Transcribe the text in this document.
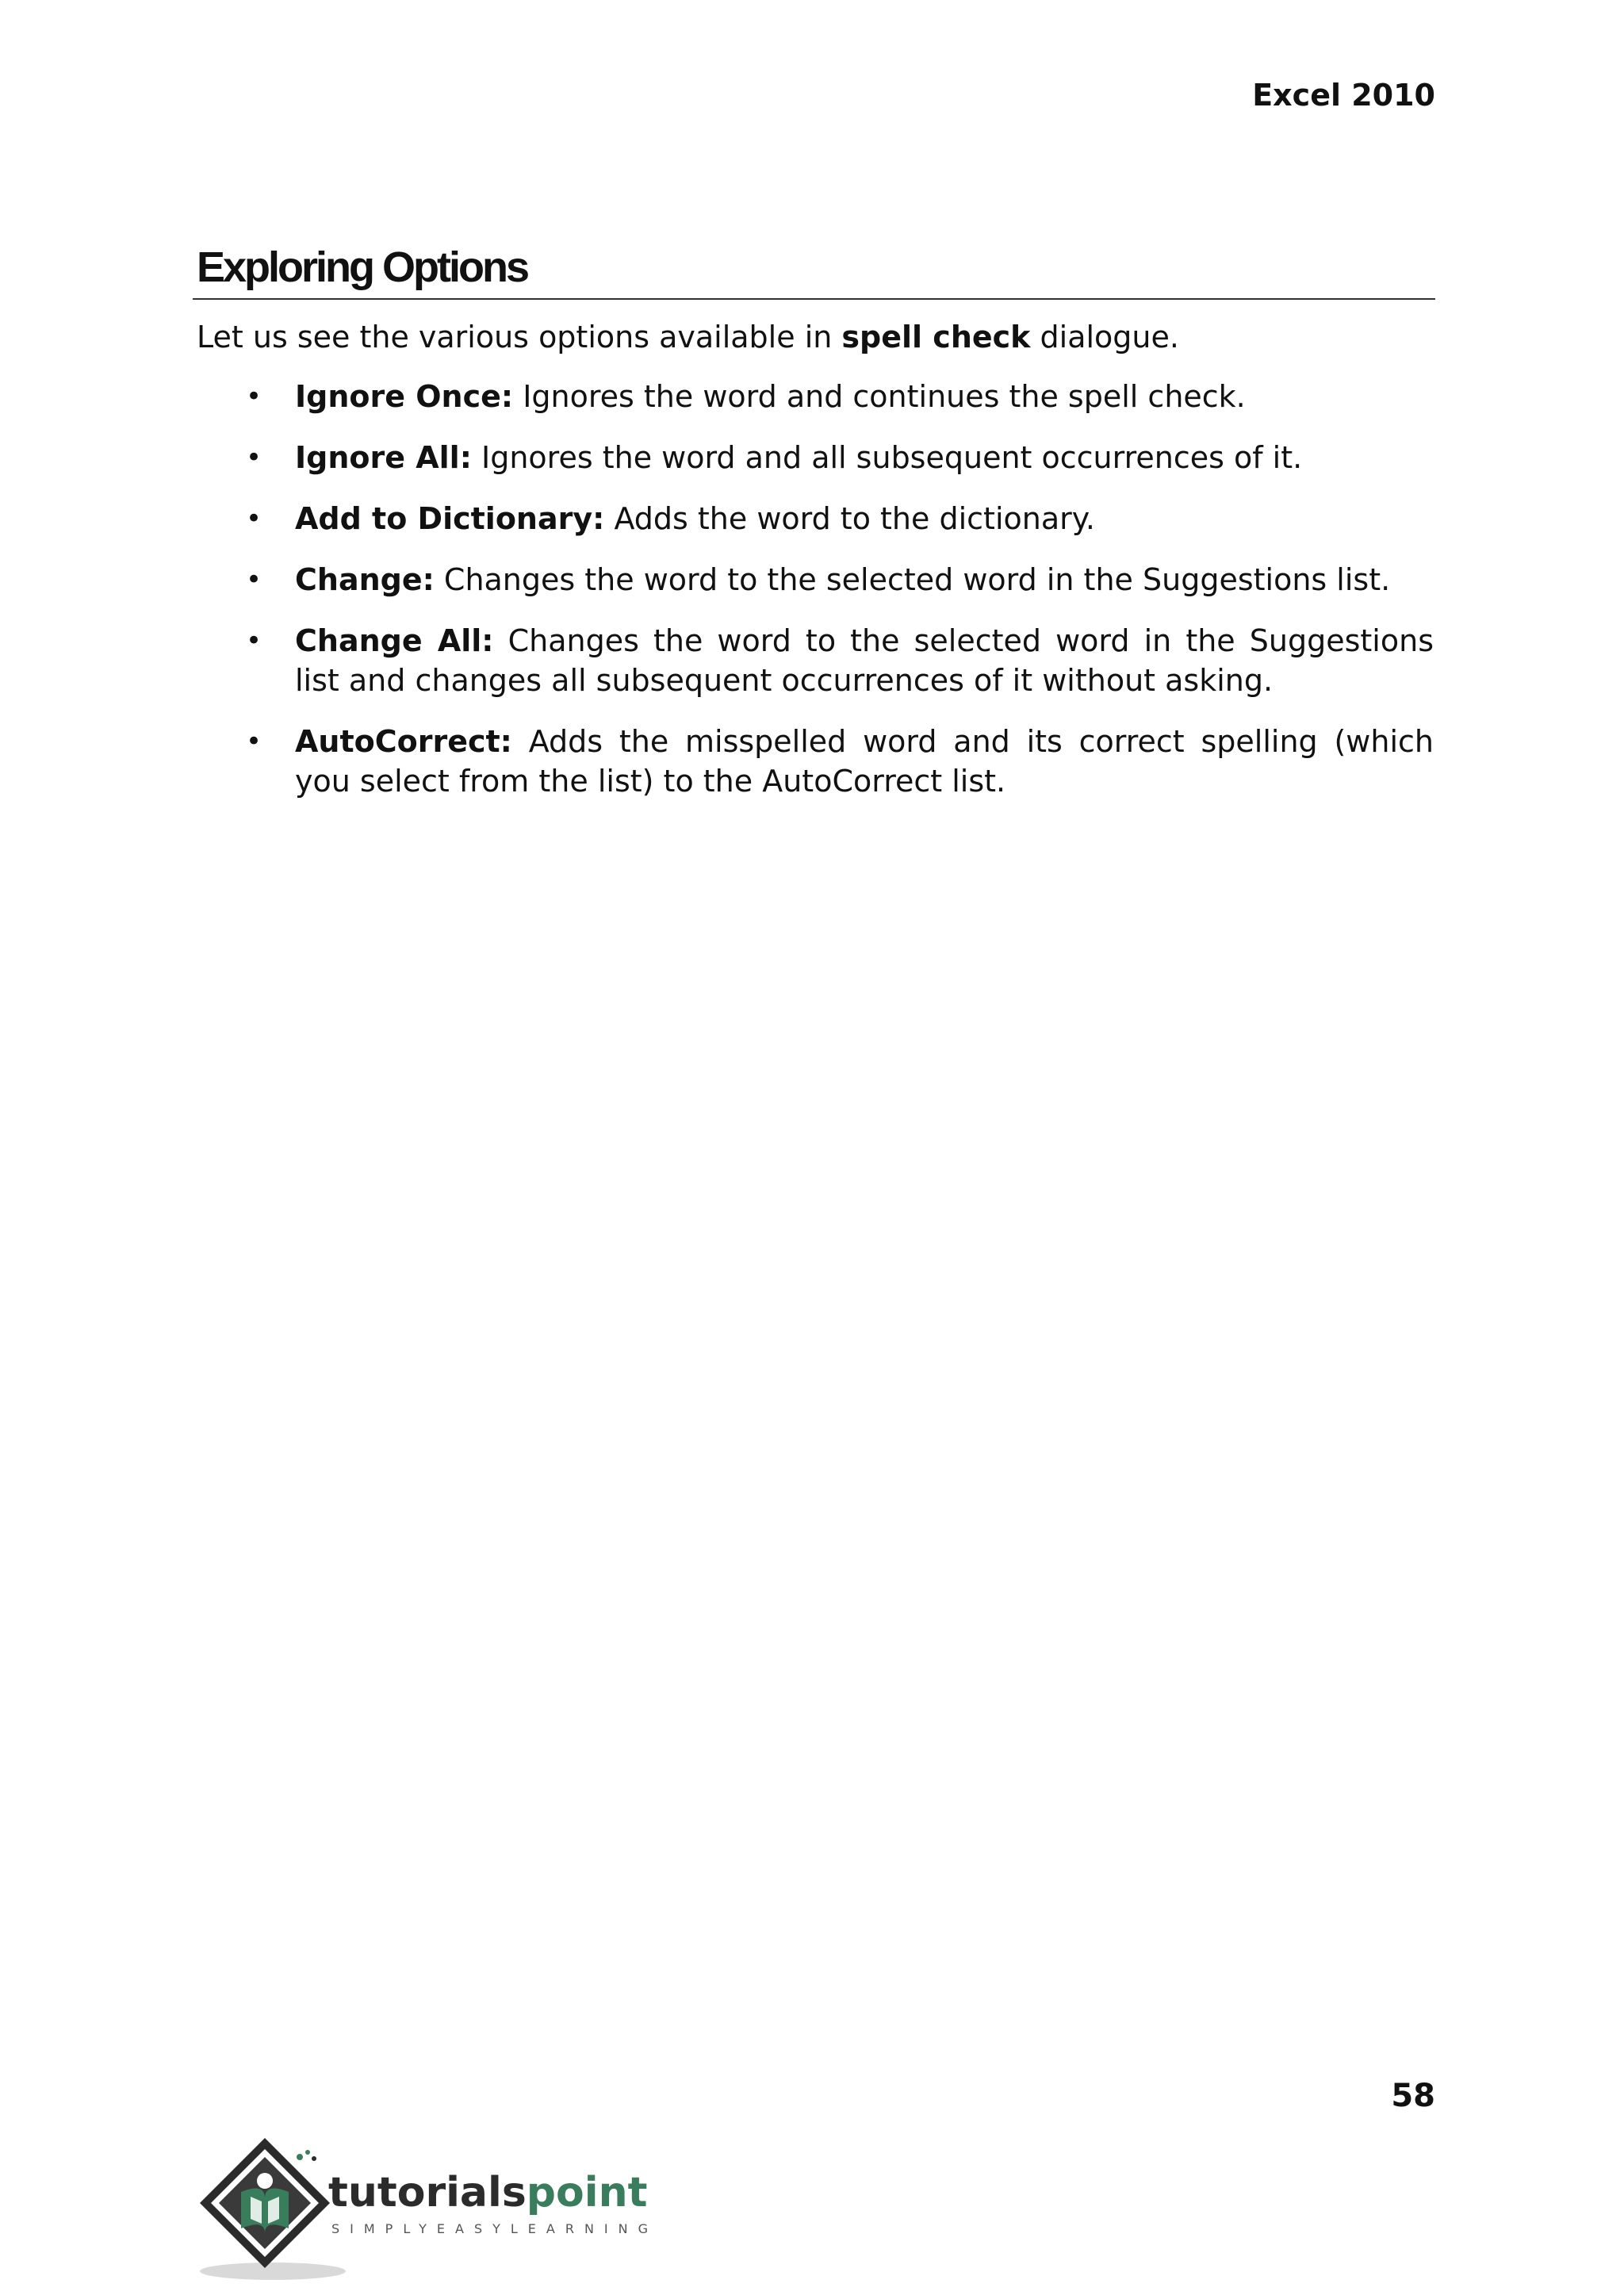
Excel 2010
Exploring Options

Let us see the various options available in spell check dialogue.

• Ignore Once: Ignores the word and continues the spell check.
• Ignore All: Ignores the word and all subsequent occurrences of it.
• Add to Dictionary: Adds the word to the dictionary.
• Change: Changes the word to the selected word in the Suggestions list.
• Change All: Changes the word to the selected word in the Suggestions list and changes all subsequent occurrences of it without asking.
• AutoCorrect: Adds the misspelled word and its correct spelling (which you select from the list) to the AutoCorrect list.
58
tutorialspoint
SIMPLYEASYLEARNING
